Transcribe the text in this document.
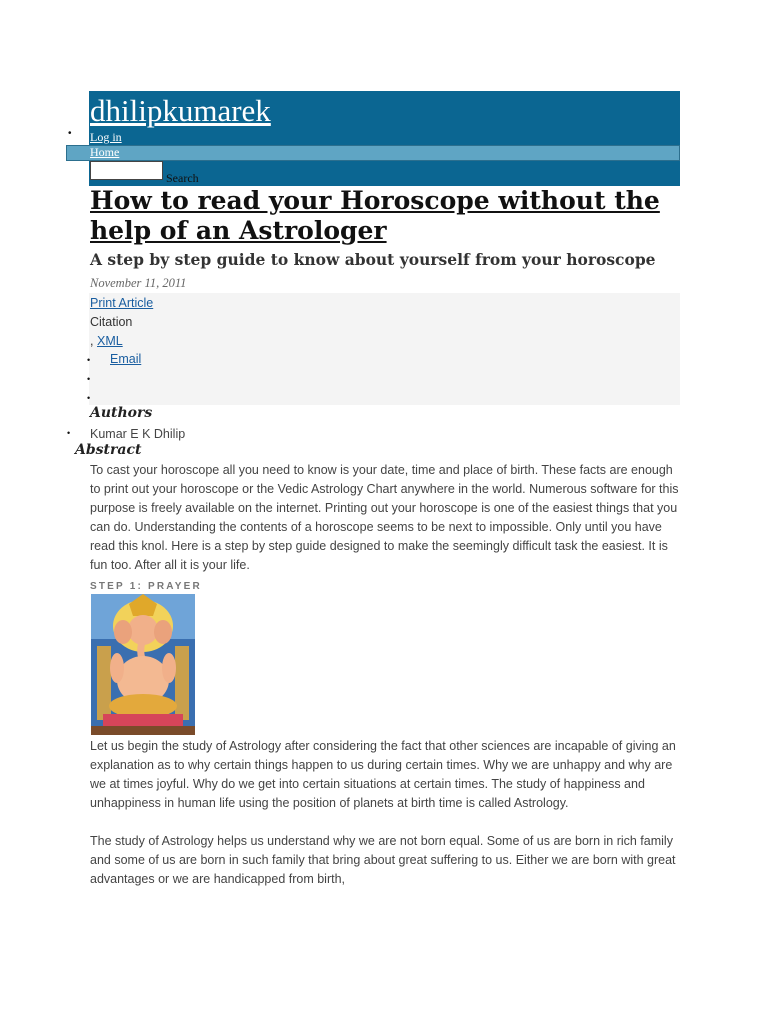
dhilipkumarek
• Log in
Home
Search
How to read your Horoscope without the help of an Astrologer
A step by step guide to know about yourself from your horoscope
November 11, 2011
Print Article
Citation
, XML
• Email
•
•
Authors
• Kumar E K Dhilip
Abstract

To cast your horoscope all you need to know is your date, time and place of birth. These facts are enough to print out your horoscope or the Vedic Astrology Chart anywhere in the world. Numerous software for this purpose is freely available on the internet. Printing out your horoscope is one of the easiest things that you can do. Understanding the contents of a horoscope seems to be next to impossible. Only until you have read this knol. Here is a step by step guide designed to make the seemingly difficult task the easiest. It is fun too. After all it is your life.

STEP 1: PRAYER

Let us begin the study of Astrology after considering the fact that other sciences are incapable of giving an explanation as to why certain things happen to us during certain times. Why we are unhappy and why are we at times joyful. Why do we get into certain situations at certain times. The study of happiness and unhappiness in human life using the position of planets at birth time is called Astrology.

The study of Astrology helps us understand why we are not born equal. Some of us are born in rich family and some of us are born in such family that bring about great suffering to us. Either we are born with great advantages or we are handicapped from birth,
